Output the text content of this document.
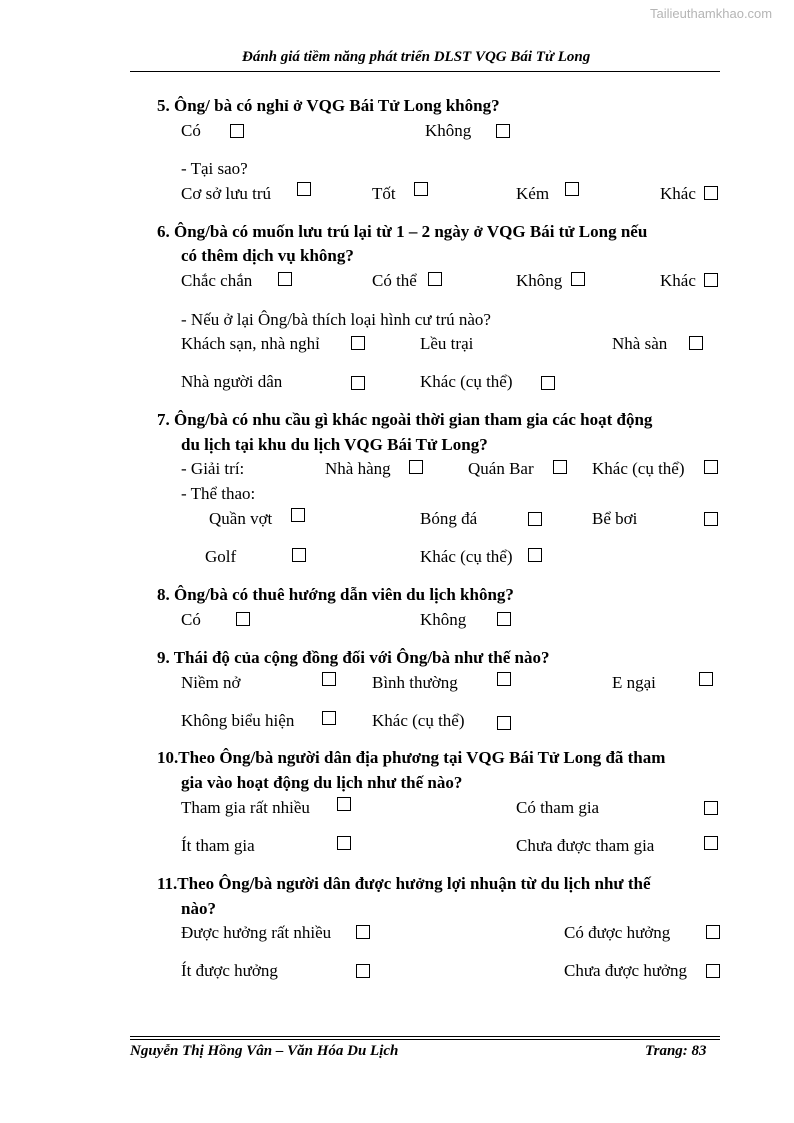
Tailieuthamkhao.com
Đánh giá tiềm năng phát triển DLST VQG Bái Tử Long
5. Ông/ bà có nghỉ ở VQG Bái Tử Long không?
Có	Không
- Tại sao?
Cơ sở lưu trú	Tốt	Kém	Khác
6. Ông/bà có muốn lưu trú lại từ 1 – 2 ngày ở VQG Bái tử Long nếu
có thêm dịch vụ không?
Chắc chắn	Có thể	Không	Khác
- Nếu ở lại Ông/bà thích loại hình cư trú nào?
Khách sạn, nhà nghỉ	Lều trại	Nhà sàn
Nhà người dân	Khác (cụ thể)
7. Ông/bà có nhu cầu gì khác ngoài thời gian tham gia các hoạt động
du lịch tại khu du lịch VQG Bái Tử Long?
- Giải trí:	Nhà hàng	Quán Bar	Khác (cụ thể)
- Thể thao:
Quần vợt	Bóng đá	Bể bơi
Golf	Khác (cụ thể)
8. Ông/bà có thuê hướng dẫn viên du lịch không?
Có	Không
9. Thái độ của cộng đồng đối với Ông/bà như thế nào?
Niềm nở	Bình thường	E ngại
Không biểu hiện	Khác (cụ thể)
10.Theo Ông/bà người dân địa phương tại VQG Bái Tử Long đã tham
gia vào hoạt động du lịch như thế nào?
Tham gia rất nhiều	Có tham gia
Ít tham gia	Chưa được tham gia
11.Theo Ông/bà người dân được hưởng lợi nhuận từ du lịch như thế
nào?
Được hưởng rất nhiều	Có được hưởng
Ít được hưởng	Chưa được hưởng
Nguyễn Thị Hồng Vân – Văn Hóa Du Lịch	Trang: 83
